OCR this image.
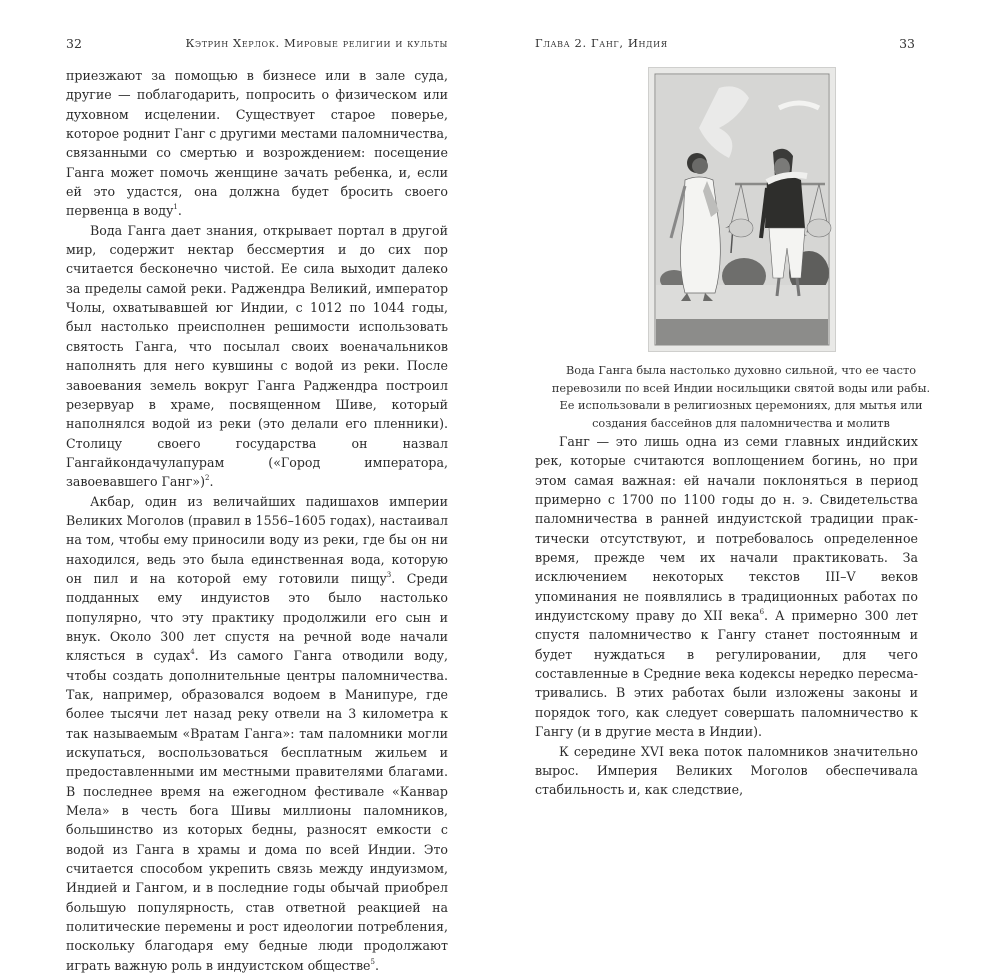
32	Кэтрин Херлок. Мировые религии и культы

приезжают за помощью в бизнесе или в зале суда, другие — поблагодарить, попросить о физическом или духовном исцелении. Существует старое поверье, которое роднит Ганг с другими местами паломничества, связанными со смертью и возрождением: посещение Ганга может помочь женщине зачать ребенка, и, если ей это удастся, она должна будет бросить своего первенца в воду$^1$.

Вода Ганга дает знания, открывает портал в другой мир, содержит нектар бессмертия и до сих пор считается бесконечно чистой. Ее сила выходит далеко за пределы самой реки. Раджендра Великий, император Чолы, охватывавшей юг Индии, с 1012 по 1044 годы, был настолько преисполнен решимости использовать святость Ганга, что посылал своих военачальников наполнять для него кувшины с водой из реки. После завоевания земель вокруг Ганга Раджендра построил резервуар в храме, посвященном Шиве, который наполнялся водой из реки (это делали его пленники). Столицу своего государства он назвал Гангайкондачулапурам («Город императора, завоевавшего Ганг»)$^2$.

Акбар, один из величайших падишахов империи Великих Моголов (правил в 1556–1605 годах), настаивал на том, чтобы ему приносили воду из реки, где бы он ни находился, ведь это была единственная вода, которую он пил и на которой ему готовили пищу$^3$. Среди подданных ему индуистов это было настолько популярно, что эту практику продолжили его сын и внук. Около 300 лет спустя на речной воде начали клясться в судах$^4$. Из самого Ганга отводили воду, чтобы создать дополнительные центры паломничества. Так, например, образовался водоем в Манипуре, где более тысячи лет назад реку отвели на 3 километра к так называемым «Вратам Ганга»: там паломники могли искупаться, воспользоваться бесплатным жильем и предоставленными им местными правителями благами. В последнее время на ежегодном фестивале «Канвар Мела» в честь бога Шивы миллионы паломников, большинство из которых бедны, разносят емкости с водой из Ганга в храмы и дома по всей Индии. Это считается способом укрепить связь между индуизмом, Индией и Гангом, и в последние годы обычай приобрел большую популярность, став ответной реакцией на политические перемены и рост идеологии потребления, поскольку благодаря ему бедные люди продолжают играть важную роль в индуистском обществе$^5$.

Глава 2. Ганг, Индия	33
Вода Ганга была настолько духовно сильной, что ее часто перевозили по всей Индии носильщики святой воды или рабы. Ее использовали в религиозных церемониях, для мытья или создания бассейнов для паломничества и молитв

Ганг — это лишь одна из семи главных индийских рек, которые считаются воплощением богинь, но при этом самая важная: ей начали поклоняться в период примерно с 1700 по 1100 годы до н. э. Свидетельства паломничества в ранней индуистской традиции практически отсутствуют, и потребовалось определенное время, прежде чем их начали практиковать. За исключением некоторых текстов III–V веков упоминания не появлялись в традиционных работах по индуистскому праву до XII века$^6$. А примерно 300 лет спустя паломничество к Гангу станет постоянным и будет нуждаться в регулировании, для чего составленные в Средние века кодексы нередко пересматривались. В этих работах были изложены законы и порядок того, как следует совершать паломничество к Гангу (и в другие места в Индии).

К середине XVI века поток паломников значительно вырос. Империя Великих Моголов обеспечивала стабильность и, как следствие,
